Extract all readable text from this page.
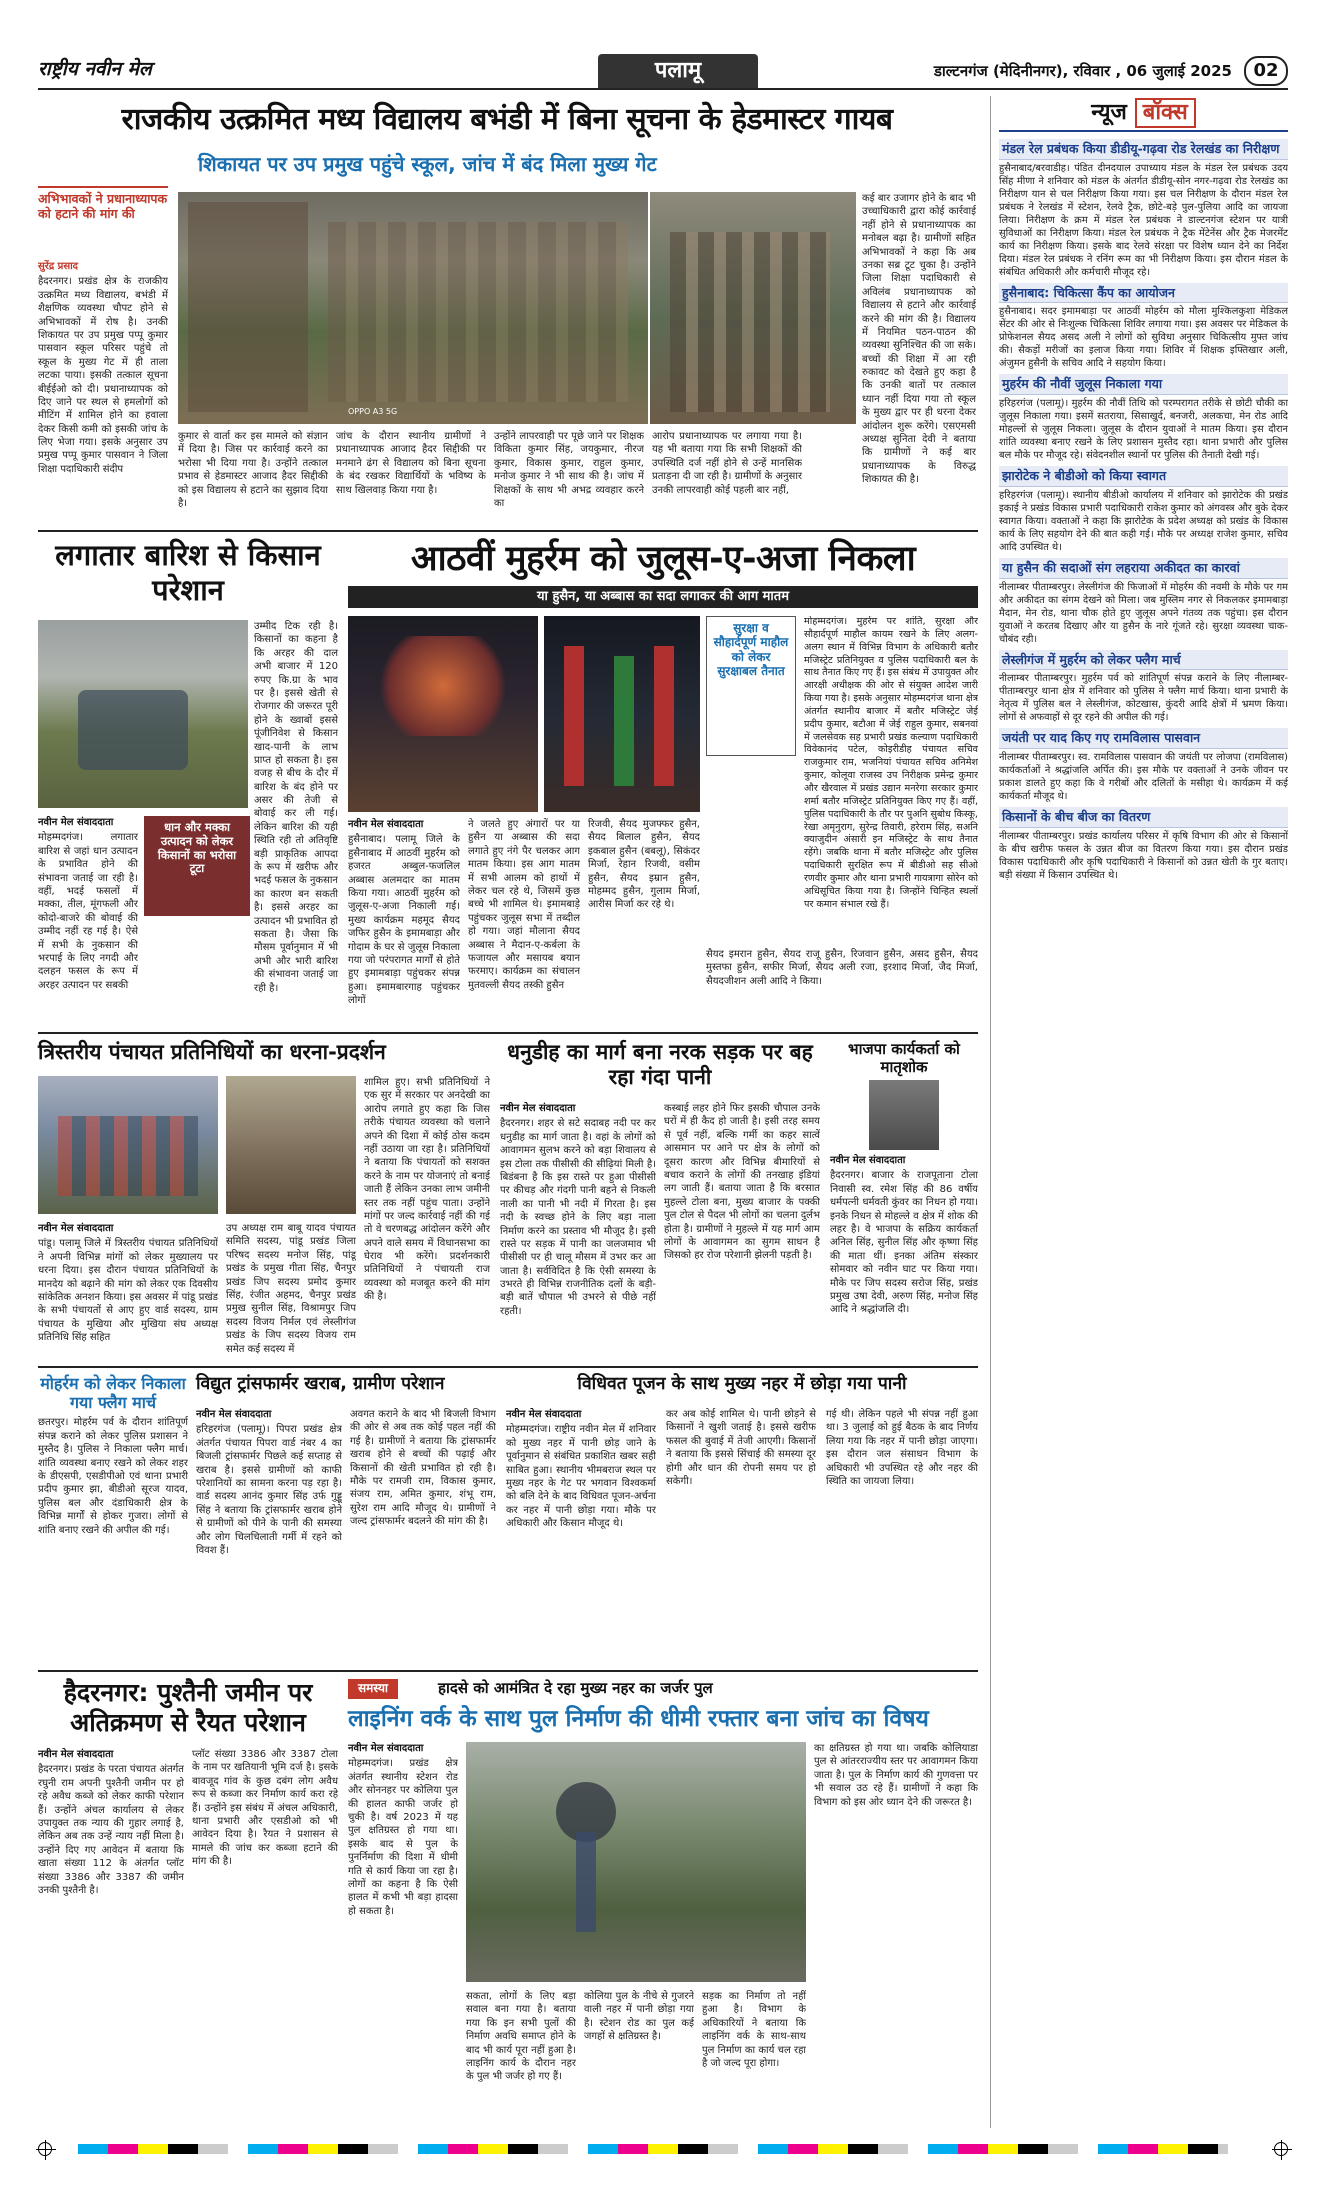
राष्ट्रीय नवीन मेल	पलामू	डाल्टनगंज (मेदिनीनगर), रविवार , 06 जुलाई 2025	02
राजकीय उत्क्रमित मध्य विद्यालय बभंडी में बिना सूचना के हेडमास्टर गायब
शिकायत पर उप प्रमुख पहुंचे स्कूल, जांच में बंद मिला मुख्य गेट
अभिभावकों ने प्रधानाध्यापक को हटाने की मांग की
सुरेंद्र प्रसाद
हैदरनगर। प्रखंड क्षेत्र के राजकीय उत्क्रमित मध्य विद्यालय, बभंडी में शैक्षणिक व्यवस्था चौपट होने से अभिभावकों में रोष है। उनकी शिकायत पर उप प्रमुख पप्पू कुमार पासवान स्कूल परिसर पहुंचे तो स्कूल के मुख्य गेट में ही ताला लटका पाया। इसकी तत्काल सूचना बीईईओ को दी। प्रधानाध्यापक को दिए जाने पर स्थल से हमलोगों को मीटिंग में शामिल होने का हवाला देकर किसी कमी को इसकी जांच के लिए भेजा गया। इसके अनुसार उप प्रमुख पप्पू कुमार पासवान ने जिला शिक्षा पदाधिकारी संदीप
OPPO A3 5G
कुमार से वार्ता कर इस मामले को संज्ञान में दिया है। जिस पर कार्रवाई करने का भरोसा भी दिया गया है। उन्होंने तत्काल प्रभाव से हेडमास्टर आजाद हैदर सिद्दीकी को इस विद्यालय से हटाने का सुझाव दिया है।
जांच के दौरान स्थानीय ग्रामीणों ने प्रधानाध्यापक आजाद हैदर सिद्दीकी पर मनमाने ढंग से विद्यालय को बिना सूचना के बंद रखकर विद्यार्थियों के भविष्य के साथ खिलवाड़ किया गया है।
उन्होंने लापरवाही पर पूछे जाने पर शिक्षक विकिता कुमार सिंह, जयकुमार, नीरज कुमार, विकास कुमार, राहुल कुमार, मनोज कुमार ने भी साथ की है। जांच में शिक्षकों के साथ भी अभद्र व्यवहार करने का
आरोप प्रधानाध्यापक पर लगाया गया है। यह भी बताया गया कि सभी शिक्षकों की उपस्थिति दर्ज नहीं होने से उन्हें मानसिक प्रताड़ना दी जा रही है। ग्रामीणों के अनुसार उनकी लापरवाही कोई पहली बार नहीं,
कई बार उजागर होने के बाद भी उच्चाधिकारी द्वारा कोई कार्रवाई नहीं होने से प्रधानाध्यापक का मनोबल बढ़ा है। ग्रामीणों सहित अभिभावकों ने कहा कि अब उनका सब्र टूट चुका है। उन्होंने जिला शिक्षा पदाधिकारी से अविलंब प्रधानाध्यापक को विद्यालय से हटाने और कार्रवाई करने की मांग की है। विद्यालय में नियमित पठन-पाठन की व्यवस्था सुनिश्चित की जा सके। बच्चों की शिक्षा में आ रही रुकावट को देखते हुए कहा है कि उनकी बातों पर तत्काल ध्यान नहीं दिया गया तो स्कूल के मुख्य द्वार पर ही धरना देकर आंदोलन शुरू करेंगे। एसएमसी अध्यक्ष सुनिता देवी ने बताया कि ग्रामीणों ने कई बार प्रधानाध्यापक के विरुद्ध शिकायत की है।
लगातार बारिश से किसान परेशान
उम्मीद टिक रही है। किसानों का कहना है कि अरहर की दाल अभी बाजार में 120 रुपए कि.ग्रा के भाव पर है। इससे खेती से रोजगार की जरूरत पूरी होने के ख्वाबों इससे पूंजीनिवेश से किसान खाद-पानी के लाभ प्राप्त हो सकता है। इस वजह से बीच के दौर में बारिश के बंद होने पर असर की तेजी से बोवाई कर ली गई। लेकिन बारिश की यही स्थिति रही तो अतिवृष्टि बड़ी प्राकृतिक आपदा के रूप में खरीफ और भदई फसल के नुकसान का कारण बन सकती है। इससे अरहर का उत्पादन भी प्रभावित हो सकता है। जैसा कि मौसम पूर्वानुमान में भी अभी और भारी बारिश की संभावना जताई जा रही है।
धान और मक्का उत्पादन को लेकर किसानों का भरोसा टूटा
नवीन मेल संवाददाता
मोहम्मदगंज। लगातार बारिश से जहां धान उत्पादन के प्रभावित होने की संभावना जताई जा रही है। वहीं, भदई फसलों में मक्का, तील, मूंगफली और कोदो-बाजरे की बोवाई की उम्मीद नहीं रह गई है। ऐसे में सभी के नुकसान की भरपाई के लिए नगदी और दलहन फसल के रूप में अरहर उत्पादन पर सबकी
आठवीं मुहर्रम को जुलूस-ए-अजा निकला
या हुसैन, या अब्बास का सदा लगाकर की आग मातम
सुरक्षा व सौहार्दपूर्ण माहौल को लेकर सुरक्षाबल तैनात
मोहम्मदगंज। मुहर्रम पर शांति, सुरक्षा और सौहार्दपूर्ण माहौल कायम रखने के लिए अलग-अलग स्थान में विभिन्न विभाग के अधिकारी बतौर मजिस्ट्रेट प्रतिनियुक्त व पुलिस पदाधिकारी बल के साथ तैनात किए गए हैं। इस संबंध में उपायुक्त और आरक्षी अधीक्षक की ओर से संयुक्त आदेश जारी किया गया है। इसके अनुसार मोहम्मदगंज थाना क्षेत्र अंतर्गत स्थानीय बाजार में बतौर मजिस्ट्रेट जेई प्रदीप कुमार, बटौआ में जेई राहुल कुमार, सबनवां में जलसेवक सह प्रभारी प्रखंड कल्याण पदाधिकारी विवेकानंद पटेल, कोइरीडीह पंचायत सचिव राजकुमार राम, भजनियां पंचायत सचिव अनिमेश कुमार, कोलूवा राजस्व उप निरीक्षक प्रमेन्द्र कुमार और खैरवाल में प्रखंड उद्यान मनरेगा सरकार कुमार शर्मा बतौर मजिस्ट्रेट प्रतिनियुक्त किए गए हैं। वहीं, पुलिस पदाधिकारी के तौर पर पुअनि सुबोध किस्कू, रेखा अमृनुराग, सुरेन्द्र तिवारी, हरेराम सिंह, सअनि क्याजुदीन अंसारी इन मजिस्ट्रेट के साथ तैनात रहेंगे। जबकि थाना में बतौर मजिस्ट्रेट और पुलिस पदाधिकारी सुरक्षित रूप में बीडीओ सह सीओ रणवीर कुमार और थाना प्रभारी गायत्रागा सोरेन को अधिसूचित किया गया है। जिन्होंने चिन्हित स्थलों पर कमान संभाल रखे हैं।
नवीन मेल संवाददाता
हुसैनाबाद। पलामू जिले के हुसैनाबाद में आठवीं मुहर्रम को हजरत अब्बुल-फजलिल अब्बास अलमदार का मातम किया गया। आठवीं मुहर्रम को जुलूस-ए-अजा निकाली गई। मुख्य कार्यक्रम महमूद सैयद जफिर हुसैन के इमामबाड़ा और गोदाम के घर से जुलूस निकाला गया जो परंपरागत मार्गों से होते हुए इमामबाड़ा पहुंचकर संपन्न हुआ। इमामबारगाह पहुंचकर लोगों
ने जलते हुए अंगारों पर या हुसैन या अब्बास की सदा लगाते हुए नंगे पैर चलकर आग मातम किया। इस आग मातम में सभी आलम को हाथों में लेकर चल रहे थे, जिसमें कुछ बच्चे भी शामिल थे। इमामबाड़े पहुंचकर जुलूस सभा में तब्दील हो गया। जहां मौलाना सैयद अब्बास ने मैदान-ए-कर्बला के फजायल और मसायब बयान फरमाए। कार्यक्रम का संचालन मुतवल्ली सैयद तस्की हुसैन
रिजवी, सैयद मुजफ्फर हुसैन, सैयद बिलाल हुसैन, सैयद इकबाल हुसैन (बबलू), सिकंदर मिर्जा, रेहान रिजवी, वसीम हुसैन, सैयद इम्रान हुसैन, मोहम्मद हुसैन, गुलाम मिर्जा, आरीस मिर्जा कर रहे थे।
सैयद इमरान हुसैन, सैयद राजू हुसैन, रिजवान हुसैन, असद हुसैन, सैयद मुस्तफा हुसैन, सफीर मिर्जा, सैयद अली रजा, इरशाद मिर्जा, जैद मिर्जा, सैयदजीशन अली आदि ने किया।
त्रिस्तरीय पंचायत प्रतिनिधियों का धरना-प्रदर्शन
नवीन मेल संवाददाता
पांडू। पलामू जिले में त्रिस्तरीय पंचायत प्रतिनिधियों ने अपनी विभिन्न मांगों को लेकर मुख्यालय पर धरना दिया। इस दौरान पंचायत प्रतिनिधियों के मानदेय को बढ़ाने की मांग को लेकर एक दिवसीय सांकेतिक अनशन किया। इस अवसर में पांडू प्रखंड के सभी पंचायतों से आए हुए वार्ड सदस्य, ग्राम पंचायत के मुखिया और मुखिया संघ अध्यक्ष प्रतिनिधि सिंह सहित
उप अध्यक्ष राम बाबू यादव पंचायत समिति सदस्य, पांडू प्रखंड जिला परिषद सदस्य मनोज सिंह, पांडू प्रखंड के प्रमुख गीता सिंह, चैनपुर प्रखंड जिप सदस्य प्रमोद कुमार सिंह, रंजीत अहमद, चैनपुर प्रखंड प्रमुख सुनील सिंह, विश्रामपुर जिप सदस्य विजय निर्मल एवं लेस्लीगंज प्रखंड के जिप सदस्य विजय राम समेत कई सदस्य में
शामिल हुए। सभी प्रतिनिधियों ने एक सुर में सरकार पर अनदेखी का आरोप लगाते हुए कहा कि जिस तरीके पंचायत व्यवस्था को चलाने अपने की दिशा में कोई ठोस कदम नहीं उठाया जा रहा है। प्रतिनिधियों ने बताया कि पंचायतों को सशक्त करने के नाम पर योजनाएं तो बनाई जाती हैं लेकिन उनका लाभ जमीनी स्तर तक नहीं पहुंच पाता। उन्होंने मांगों पर जल्द कार्रवाई नहीं की गई तो वे चरणबद्ध आंदोलन करेंगे और अपने वाले समय में विधानसभा का घेराव भी करेंगे। प्रदर्शनकारी प्रतिनिधियों ने पंचायती राज व्यवस्था को मजबूत करने की मांग की है।
धनुडीह का मार्ग बना नरक सड़क पर बह रहा गंदा पानी
नवीन मेल संवाददाता
हैदरनगर। शहर से सटे सदाबह नदी पर कर धनुडीह का मार्ग जाता है। वहां के लोगों को आवागमन सुलभ करने को बड़ा शिवालय से इस टोला तक पीसीसी की सीढ़ियां मिली है। बिडंबना है कि इस रास्ते पर हुआ पीसीसी पर कीचड़ और गंदगी पानी बहने से निकली नाली का पानी भी नदी में गिरता है। इस नदी के स्वच्छ होने के लिए बड़ा नाला निर्माण करने का प्रस्ताव भी मौजूद है। इसी रास्ते पर सड़क में पानी का जलजमाव भी पीसीसी पर ही चालू मौसम में उभर कर आ जाता है। सर्वविदित है कि ऐसी समस्या के उभरते ही विभिन्न राजनीतिक दलों के बड़ी-बड़ी बातें चौपाल भी उभरने से पीछे नहीं रहती।
कस्बाई लहर होने फिर इसकी चौपाल उनके घरों में ही कैद हो जाती है। इसी तरह समय से पूर्व नहीं, बल्कि गर्मी का कहर सात्वें आसमान पर आने पर क्षेत्र के लोगों को दूसरा कारण और विभिन्न बीमारियों से बचाव कराने के लोगों की तनखाह इंडियां लग जाती हैं। बताया जाता है कि बरसात मुहल्ले टोला बना, मुख्य बाजार के पक्की पुल टोल से पैदल भी लोगों का चलना दुर्लभ होता है। ग्रामीणों ने मुहल्ले में यह मार्ग आम लोगों के आवागमन का सुगम साधन है जिसको हर रोज परेशानी झेलनी पड़ती है।
भाजपा कार्यकर्ता को मातृशोक
नवीन मेल संवाददाता
हैदरनगर। बाजार के राजपूताना टोला निवासी स्व. रमेश सिंह की 86 वर्षीय धर्मपत्नी धर्मवती कुंवर का निधन हो गया। इनके निधन से मोहल्ले व क्षेत्र में शोक की लहर है। वे भाजपा के सक्रिय कार्यकर्ता अनिल सिंह, सुनील सिंह और कृष्णा सिंह की माता थीं। इनका अंतिम संस्कार सोमवार को नवीन घाट पर किया गया। मौके पर जिप सदस्य सरोज सिंह, प्रखंड प्रमुख उषा देवी, अरुण सिंह, मनोज सिंह आदि ने श्रद्धांजलि दी।
मोहर्रम को लेकर निकाला गया फ्लैग मार्च
छतरपुर। मोहर्रम पर्व के दौरान शांतिपूर्ण संपन्न कराने को लेकर पुलिस प्रशासन ने मुस्तैद है। पुलिस ने निकाला फ्लैग मार्च। शांति व्यवस्था बनाए रखने को लेकर शहर के डीएसपी, एसडीपीओ एवं थाना प्रभारी प्रदीप कुमार झा, बीडीओ सूरज यादव, पुलिस बल और दंडाधिकारी क्षेत्र के विभिन्न मार्गों से होकर गुजरा। लोगों से शांति बनाए रखने की अपील की गई।
विद्युत ट्रांसफार्मर खराब, ग्रामीण परेशान
नवीन मेल संवाददाता
हरिहरगंज (पलामू)। पिपरा प्रखंड क्षेत्र अंतर्गत पंचायत पिपरा वार्ड नंबर 4 का बिजली ट्रांसफार्मर पिछले कई सप्ताह से खराब है। इससे ग्रामीणों को काफी परेशानियों का सामना करना पड़ रहा है। वार्ड सदस्य आनंद कुमार सिंह उर्फ गुड्डू सिंह ने बताया कि ट्रांसफार्मर खराब होने से ग्रामीणों को पीने के पानी की समस्या और लोग चिलचिलाती गर्मी में रहने को विवश हैं।
अवगत कराने के बाद भी बिजली विभाग की ओर से अब तक कोई पहल नहीं की गई है। ग्रामीणों ने बताया कि ट्रांसफार्मर खराब होने से बच्चों की पढ़ाई और किसानों की खेती प्रभावित हो रही है। मौके पर रामजी राम, विकास कुमार, संजय राम, अमित कुमार, शंभू राम, सुरेश राम आदि मौजूद थे। ग्रामीणों ने जल्द ट्रांसफार्मर बदलने की मांग की है।
विधिवत पूजन के साथ मुख्य नहर में छोड़ा गया पानी
नवीन मेल संवाददाता
मोहम्मदगंज। राष्ट्रीय नवीन मेल में शनिवार को मुख्य नहर में पानी छोड़ जाने के पूर्वानुमान से संबंधित प्रकाशित खबर सही साबित हुआ। स्थानीय भीमबराज स्थल पर मुख्य नहर के गेट पर भगवान विश्वकर्मा को बलि देने के बाद विधिवत पूजन-अर्चना कर नहर में पानी छोड़ा गया। मौके पर अधिकारी और किसान मौजूद थे।
कर अब कोई शामिल थे। पानी छोड़ने से किसानों ने खुशी जताई है। इससे खरीफ फसल की बुवाई में तेजी आएगी। किसानों ने बताया कि इससे सिंचाई की समस्या दूर होगी और धान की रोपनी समय पर हो सकेगी।
गई थी। लेकिन पहले भी संपन्न नहीं हुआ था। 3 जुलाई को हुई बैठक के बाद निर्णय लिया गया कि नहर में पानी छोड़ा जाएगा। इस दौरान जल संसाधन विभाग के अधिकारी भी उपस्थित रहे और नहर की स्थिति का जायजा लिया।
हैदरनगर: पुश्तैनी जमीन पर अतिक्रमण से रैयत परेशान
नवीन मेल संवाददाता
हैदरनगर। प्रखंड के परता पंचायत अंतर्गत रघुनी राम अपनी पुश्तैनी जमीन पर हो रहे अवैध कब्जे को लेकर काफी परेशान हैं। उन्होंने अंचल कार्यालय से लेकर उपायुक्त तक न्याय की गुहार लगाई है, लेकिन अब तक उन्हें न्याय नहीं मिला है। उन्होंने दिए गए आवेदन में बताया कि खाता संख्या 112 के अंतर्गत प्लॉट संख्या 3386 और 3387 की जमीन उनकी पुश्तैनी है।
प्लॉट संख्या 3386 और 3387 टोला के नाम पर खतियानी भूमि दर्ज है। इसके बावजूद गांव के कुछ दबंग लोग अवैध रूप से कब्जा कर निर्माण कार्य करा रहे हैं। उन्होंने इस संबंध में अंचल अधिकारी, थाना प्रभारी और एसडीओ को भी आवेदन दिया है। रैयत ने प्रशासन से मामले की जांच कर कब्जा हटाने की मांग की है।
समस्या	हादसे को आमंत्रित दे रहा मुख्य नहर का जर्जर पुल
लाइनिंग वर्क के साथ पुल निर्माण की धीमी रफ्तार बना जांच का विषय
नवीन मेल संवाददाता
मोहम्मदगंज। प्रखंड क्षेत्र अंतर्गत स्थानीय स्टेशन रोड और सोननहर पर कोलिया पुल की हालत काफी जर्जर हो चुकी है। वर्ष 2023 में यह पुल क्षतिग्रस्त हो गया था। इसके बाद से पुल के पुनर्निर्माण की दिशा में धीमी गति से कार्य किया जा रहा है। लोगों का कहना है कि ऐसी हालत में कभी भी बड़ा हादसा हो सकता है।
सकता, लोगों के लिए बड़ा सवाल बना गया है। बताया गया कि इन सभी पुलों की निर्माण अवधि समाप्त होने के बाद भी कार्य पूरा नहीं हुआ है। लाइनिंग कार्य के दौरान नहर के पुल भी जर्जर हो गए हैं।
कोलिया पुल के नीचे से गुजरने वाली नहर में पानी छोड़ा गया है। स्टेशन रोड का पुल कई जगहों से क्षतिग्रस्त है।
सड़क का निर्माण तो नहीं हुआ है। विभाग के अधिकारियों ने बताया कि लाइनिंग वर्क के साथ-साथ पुल निर्माण का कार्य चल रहा है जो जल्द पूरा होगा।
का क्षतिग्रस्त हो गया था। जबकि कोलियाडा पुल से आंतरराज्यीय स्तर पर आवागमन किया जाता है। पुल के निर्माण कार्य की गुणवत्ता पर भी सवाल उठ रहे हैं। ग्रामीणों ने कहा कि विभाग को इस ओर ध्यान देने की जरूरत है।
न्यूज बॉक्स
मंडल रेल प्रबंधक किया डीडीयू-गढ़वा रोड रेलखंड का निरीक्षण
हुसैनाबाद/बरवाडीह। पंडित दीनदयाल उपाध्याय मंडल के मंडल रेल प्रबंधक उदय सिंह मीणा ने शनिवार को मंडल के अंतर्गत डीडीयू-सोन नगर-गढ़वा रोड रेलखंड का निरीक्षण यान से चल निरीक्षण किया गया। इस चल निरीक्षण के दौरान मंडल रेल प्रबंधक ने रेलखंड में स्टेशन, रेलवे ट्रैक, छोटे-बड़े पुल-पुलिया आदि का जायजा लिया। निरीक्षण के क्रम में मंडल रेल प्रबंधक ने डाल्टनगंज स्टेशन पर यात्री सुविधाओं का निरीक्षण किया। मंडल रेल प्रबंधक ने ट्रैक मेंटेनेंस और ट्रैक मेजरमेंट कार्य का निरीक्षण किया। इसके बाद रेलवे संरक्षा पर विशेष ध्यान देने का निर्देश दिया। मंडल रेल प्रबंधक ने रनिंग रूम का भी निरीक्षण किया। इस दौरान मंडल के संबंधित अधिकारी और कर्मचारी मौजूद रहे।
हुसैनाबाद: चिकित्सा कैंप का आयोजन
हुसैनाबाद। सदर इमामबाड़ा पर आठवीं मोहर्रम को मौला मुश्किलकुशा मेडिकल सेंटर की ओर से निःशुल्क चिकित्सा शिविर लगाया गया। इस अवसर पर मेडिकल के प्रोफेशनल सैयद असद अली ने लोगों को सुविधा अनुसार चिकित्सीय मुफ्त जांच की। सैकड़ों मरीजों का इलाज किया गया। शिविर में शिक्षक इफ्तिखार अली, अंजुमन हुसैनी के सचिव आदि ने सहयोग किया।
मुहर्रम की नौवीं जुलूस निकाला गया
हरिहरगंज (पलामू)। मुहर्रम की नौवीं तिथि को परम्परागत तरीके से छोटी चौकी का जुलूस निकाला गया। इसमें सतराया, सिसाखुर्द, बनजरी, अलकचा, मेन रोड आदि मोहल्लों से जुलूस निकला। जुलूस के दौरान युवाओं ने मातम किया। इस दौरान शांति व्यवस्था बनाए रखने के लिए प्रशासन मुस्तैद रहा। थाना प्रभारी और पुलिस बल मौके पर मौजूद रहे। संवेदनशील स्थानों पर पुलिस की तैनाती देखी गई।
झारोटेक ने बीडीओ को किया स्वागत
हरिहरगंज (पलामू)। स्थानीय बीडीओ कार्यालय में शनिवार को झारोटेक की प्रखंड इकाई ने प्रखंड विकास प्रभारी पदाधिकारी राकेश कुमार को अंगवस्त्र और बुके देकर स्वागत किया। वक्ताओं ने कहा कि झारोटेक के प्रदेश अध्यक्ष को प्रखंड के विकास कार्य के लिए सहयोग देने की बात कही गई। मौके पर अध्यक्ष राजेश कुमार, सचिव आदि उपस्थित थे।
या हुसैन की सदाओं संग लहराया अकीदत का कारवां
नीलाम्बर पीताम्बरपुर। लेस्लीगंज की फिजाओं में मोहर्रम की नवमी के मौके पर गम और अकीदत का संगम देखने को मिला। जब मुस्लिम नगर से निकलकर इमामबाड़ा मैदान, मेन रोड, थाना चौक होते हुए जुलूस अपने गंतव्य तक पहुंचा। इस दौरान युवाओं ने करतब दिखाए और या हुसैन के नारे गूंजते रहे। सुरक्षा व्यवस्था चाक-चौबंद रही।
लेस्लीगंज में मुहर्रम को लेकर फ्लैग मार्च
नीलाम्बर पीताम्बरपुर। मुहर्रम पर्व को शांतिपूर्ण संपन्न कराने के लिए नीलाम्बर-पीताम्बरपुर थाना क्षेत्र में शनिवार को पुलिस ने फ्लैग मार्च किया। थाना प्रभारी के नेतृत्व में पुलिस बल ने लेस्लीगंज, कोटखास, कुंदरी आदि क्षेत्रों में भ्रमण किया। लोगों से अफवाहों से दूर रहने की अपील की गई।
जयंती पर याद किए गए रामविलास पासवान
नीलाम्बर पीताम्बरपुर। स्व. रामविलास पासवान की जयंती पर लोजपा (रामविलास) कार्यकर्ताओं ने श्रद्धांजलि अर्पित की। इस मौके पर वक्ताओं ने उनके जीवन पर प्रकाश डालते हुए कहा कि वे गरीबों और दलितों के मसीहा थे। कार्यक्रम में कई कार्यकर्ता मौजूद थे।
किसानों के बीच बीज का वितरण
नीलाम्बर पीताम्बरपुर। प्रखंड कार्यालय परिसर में कृषि विभाग की ओर से किसानों के बीच खरीफ फसल के उन्नत बीज का वितरण किया गया। इस दौरान प्रखंड विकास पदाधिकारी और कृषि पदाधिकारी ने किसानों को उन्नत खेती के गुर बताए। बड़ी संख्या में किसान उपस्थित थे।
